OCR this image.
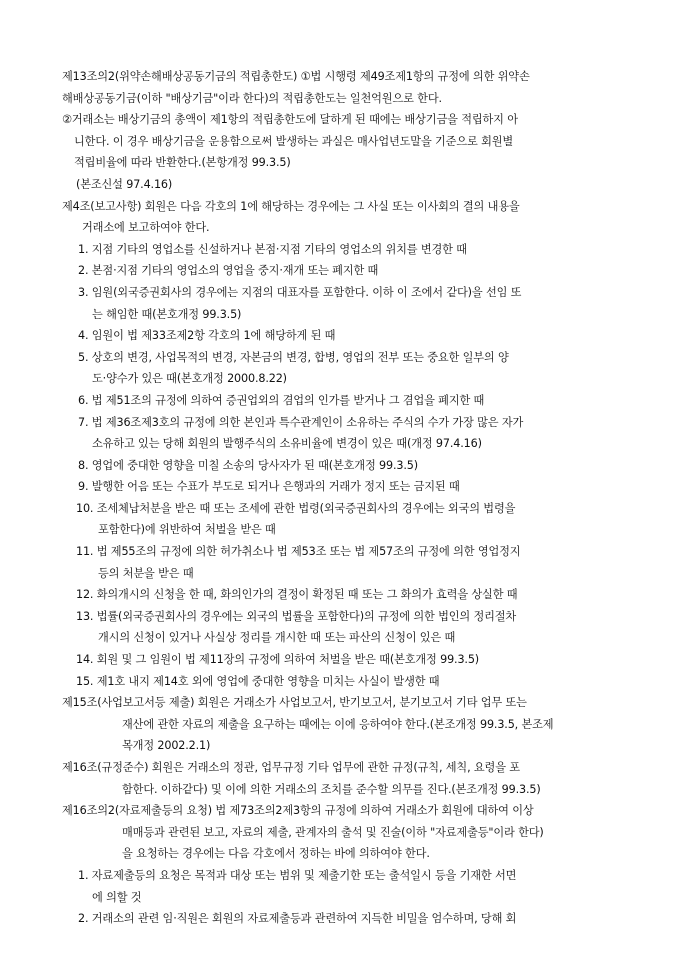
제13조의2(위약손해배상공동기금의 적립총한도) ①법 시행령 제49조제1항의 규정에 의한 위약손
해배상공동기금(이하 "배상기금"이라 한다)의 적립총한도는 일천억원으로 한다.
②거래소는 배상기금의 총액이 제1항의 적립총한도에 달하게 된 때에는 배상기금을 적립하지 아
니한다. 이 경우 배상기금을 운용함으로써 발생하는 과실은 매사업년도말을 기준으로 회원별
적립비율에 따라 반환한다.(본항개정 99.3.5)
(본조신설 97.4.16)
제4조(보고사항) 회원은 다음 각호의 1에 해당하는 경우에는 그 사실 또는 이사회의 결의 내용을
거래소에 보고하여야 한다.
1. 지점 기타의 영업소를 신설하거나 본점·지점 기타의 영업소의 위치를 변경한 때
2. 본점·지점 기타의 영업소의 영업을 중지·재개 또는 폐지한 때
3. 임원(외국증권회사의 경우에는 지점의 대표자를 포함한다. 이하 이 조에서 같다)을 선임 또
는 해임한 때(본호개정 99.3.5)
4. 임원이 법 제33조제2항 각호의 1에 해당하게 된 때
5. 상호의 변경, 사업목적의 변경, 자본금의 변경, 합병, 영업의 전부 또는 중요한 일부의 양
도·양수가 있은 때(본호개정 2000.8.22)
6. 법 제51조의 규정에 의하여 증권업외의 겸업의 인가를 받거나 그 겸업을 폐지한 때
7. 법 제36조제3호의 규정에 의한 본인과 특수관계인이 소유하는 주식의 수가 가장 많은 자가
소유하고 있는 당해 회원의 발행주식의 소유비율에 변경이 있은 때(개정 97.4.16)
8. 영업에 중대한 영향을 미칠 소송의 당사자가 된 때(본호개정 99.3.5)
9. 발행한 어음 또는 수표가 부도로 되거나 은행과의 거래가 정지 또는 금지된 때
10. 조세체납처분을 받은 때 또는 조세에 관한 법령(외국증권회사의 경우에는 외국의 법령을
포함한다)에 위반하여 처벌을 받은 때
11. 법 제55조의 규정에 의한 허가취소나 법 제53조 또는 법 제57조의 규정에 의한 영업정지
등의 처분을 받은 때
12. 화의개시의 신청을 한 때, 화의인가의 결정이 확정된 때 또는 그 화의가 효력을 상실한 때
13. 법률(외국증권회사의 경우에는 외국의 법률을 포함한다)의 규정에 의한 법인의 정리절차
개시의 신청이 있거나 사실상 정리를 개시한 때 또는 파산의 신청이 있은 때
14. 회원 및 그 임원이 법 제11장의 규정에 의하여 처벌을 받은 때(본호개정 99.3.5)
15. 제1호 내지 제14호 외에 영업에 중대한 영향을 미치는 사실이 발생한 때
제15조(사업보고서등 제출) 회원은 거래소가 사업보고서, 반기보고서, 분기보고서 기타 업무 또는
재산에 관한 자료의 제출을 요구하는 때에는 이에 응하여야 한다.(본조개정 99.3.5, 본조제
목개정 2002.2.1)
제16조(규정준수) 회원은 거래소의 정관, 업무규정 기타 업무에 관한 규정(규칙, 세칙, 요령을 포
함한다. 이하같다) 및 이에 의한 거래소의 조치를 준수할 의무를 진다.(본조개정 99.3.5)
제16조의2(자료제출등의 요청) 법 제73조의2제3항의 규정에 의하여 거래소가 회원에 대하여 이상
매매등과 관련된 보고, 자료의 제출, 관계자의 출석 및 진술(이하 "자료제출등"이라 한다)
을 요청하는 경우에는 다음 각호에서 정하는 바에 의하여야 한다.
1. 자료제출등의 요청은 목적과 대상 또는 범위 및 제출기한 또는 출석일시 등을 기재한 서면
에 의할 것
2. 거래소의 관련 임·직원은 회원의 자료제출등과 관련하여 지득한 비밀을 엄수하며, 당해 회
